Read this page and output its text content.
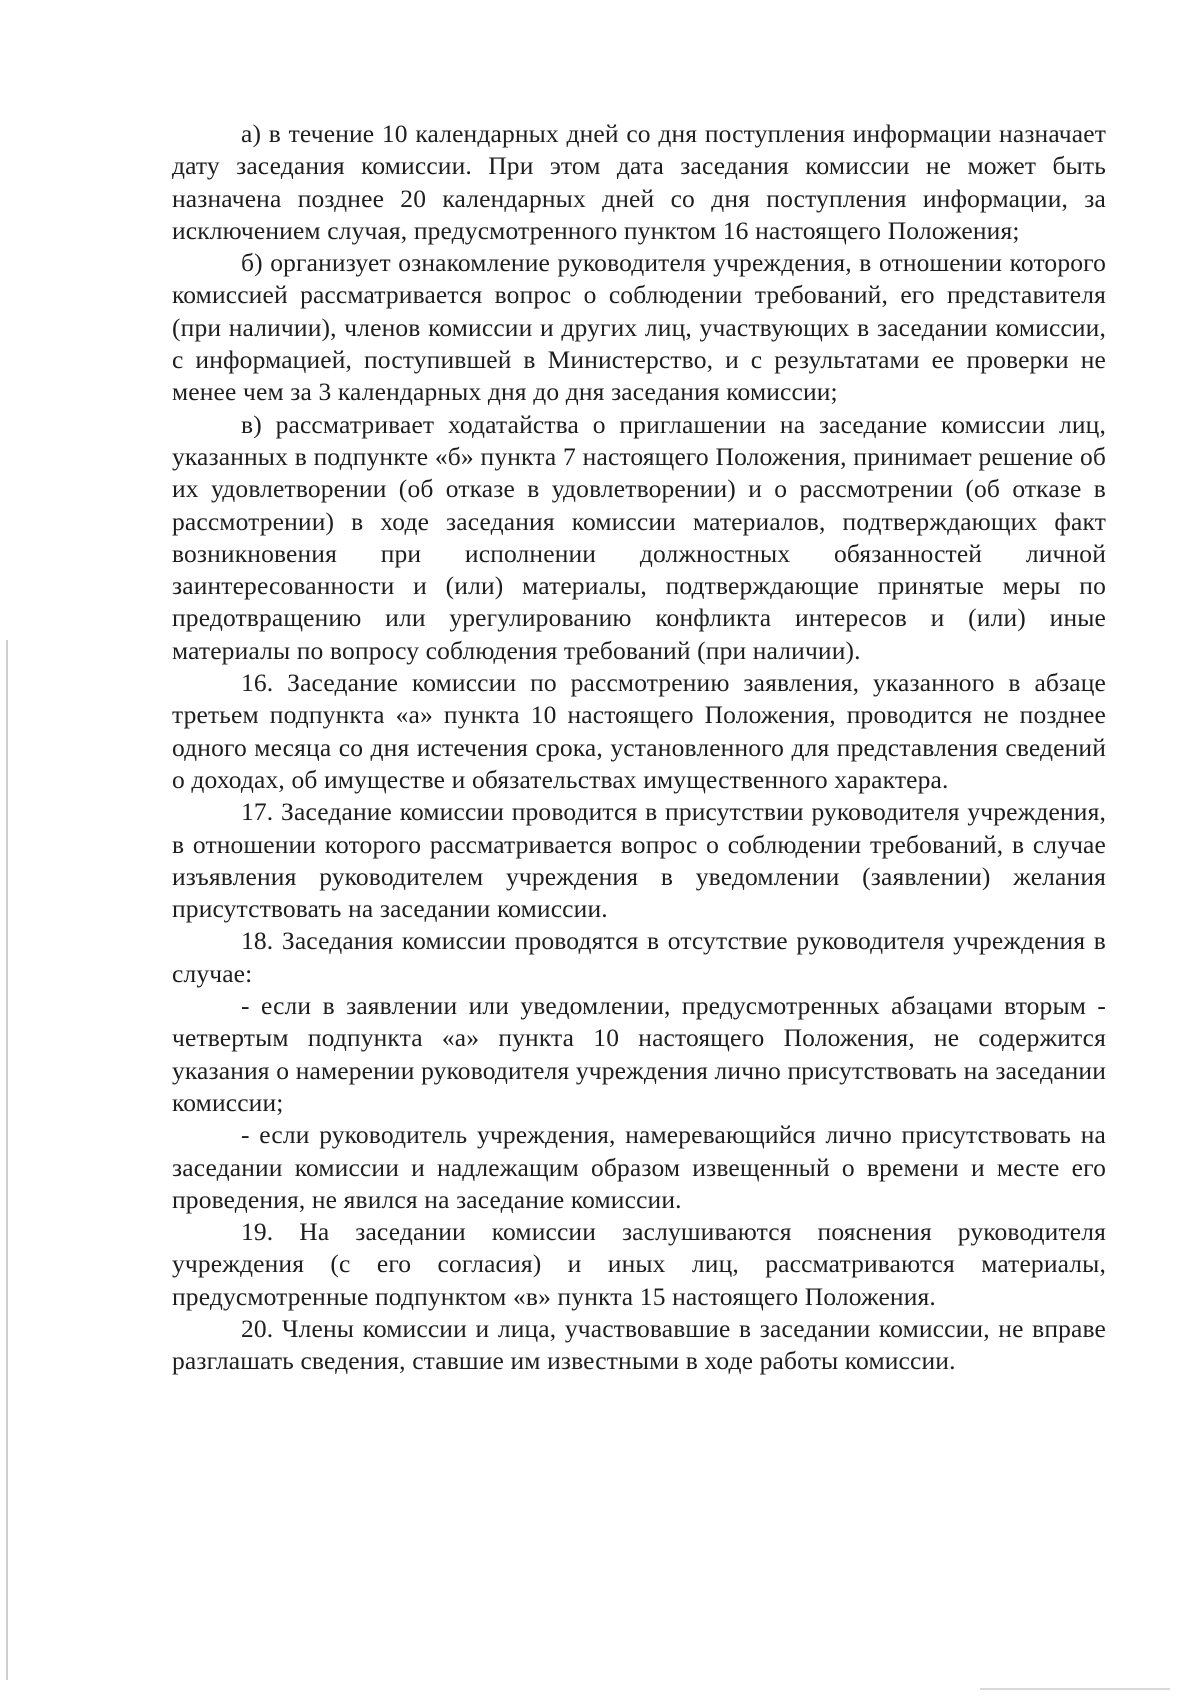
а) в течение 10 календарных дней со дня поступления информации назначает дату заседания комиссии. При этом дата заседания комиссии не может быть назначена позднее 20 календарных дней со дня поступления информации, за исключением случая, предусмотренного пунктом 16 настоящего Положения;

б) организует ознакомление руководителя учреждения, в отношении которого комиссией рассматривается вопрос о соблюдении требований, его представителя (при наличии), членов комиссии и других лиц, участвующих в заседании комиссии, с информацией, поступившей в Министерство, и с результатами ее проверки не менее чем за 3 календарных дня до дня заседания комиссии;

в) рассматривает ходатайства о приглашении на заседание комиссии лиц, указанных в подпункте «б» пункта 7 настоящего Положения, принимает решение об их удовлетворении (об отказе в удовлетворении) и о рассмотрении (об отказе в рассмотрении) в ходе заседания комиссии материалов, подтверждающих факт возникновения при исполнении должностных обязанностей личной заинтересованности и (или) материалы, подтверждающие принятые меры по предотвращению или урегулированию конфликта интересов и (или) иные материалы по вопросу соблюдения требований (при наличии).

16. Заседание комиссии по рассмотрению заявления, указанного в абзаце третьем подпункта «а» пункта 10 настоящего Положения, проводится не позднее одного месяца со дня истечения срока, установленного для представления сведений о доходах, об имуществе и обязательствах имущественного характера.

17. Заседание комиссии проводится в присутствии руководителя учреждения, в отношении которого рассматривается вопрос о соблюдении требований, в случае изъявления руководителем учреждения в уведомлении (заявлении) желания присутствовать на заседании комиссии.

18. Заседания комиссии проводятся в отсутствие руководителя учреждения в случае:

- если в заявлении или уведомлении, предусмотренных абзацами вторым - четвертым подпункта «а» пункта 10 настоящего Положения, не содержится указания о намерении руководителя учреждения лично присутствовать на заседании комиссии;

- если руководитель учреждения, намеревающийся лично присутствовать на заседании комиссии и надлежащим образом извещенный о времени и месте его проведения, не явился на заседание комиссии.

19. На заседании комиссии заслушиваются пояснения руководителя учреждения (с его согласия) и иных лиц, рассматриваются материалы, предусмотренные подпунктом «в» пункта 15 настоящего Положения.

20. Члены комиссии и лица, участвовавшие в заседании комиссии, не вправе разглашать сведения, ставшие им известными в ходе работы комиссии.
